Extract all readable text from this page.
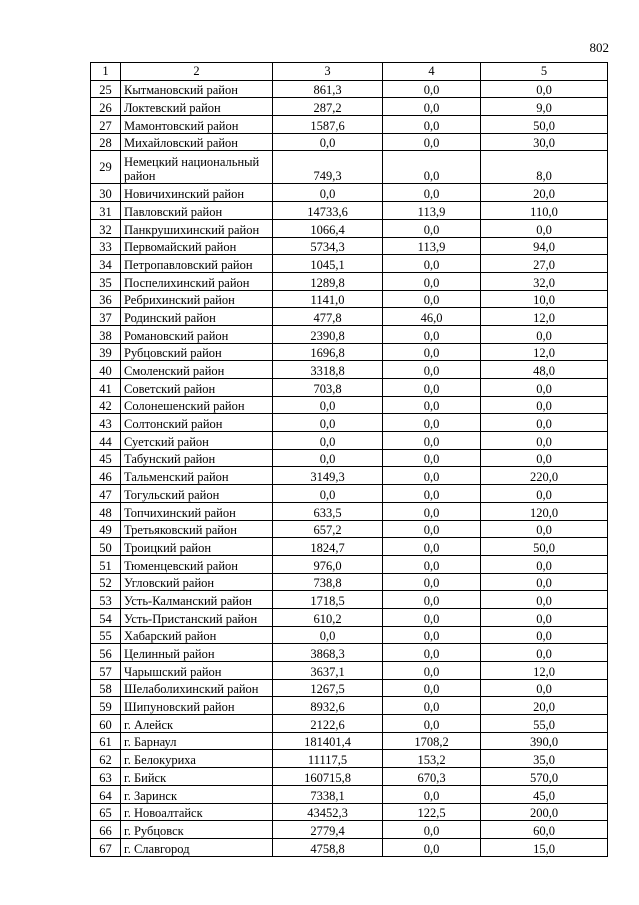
802
1	2	3	4	5
25	Кытмановский район	861,3	0,0	0,0
26	Локтевский район	287,2	0,0	9,0
27	Мамонтовский район	1587,6	0,0	50,0
28	Михайловский район	0,0	0,0	30,0
29	Немецкий национальный район	749,3	0,0	8,0
30	Новичихинский район	0,0	0,0	20,0
31	Павловский район	14733,6	113,9	110,0
32	Панкрушихинский район	1066,4	0,0	0,0
33	Первомайский район	5734,3	113,9	94,0
34	Петропавловский район	1045,1	0,0	27,0
35	Поспелихинский район	1289,8	0,0	32,0
36	Ребрихинский район	1141,0	0,0	10,0
37	Родинский район	477,8	46,0	12,0
38	Романовский район	2390,8	0,0	0,0
39	Рубцовский район	1696,8	0,0	12,0
40	Смоленский район	3318,8	0,0	48,0
41	Советский район	703,8	0,0	0,0
42	Солонешенский район	0,0	0,0	0,0
43	Солтонский район	0,0	0,0	0,0
44	Суетский район	0,0	0,0	0,0
45	Табунский район	0,0	0,0	0,0
46	Тальменский район	3149,3	0,0	220,0
47	Тогульский район	0,0	0,0	0,0
48	Топчихинский район	633,5	0,0	120,0
49	Третьяковский район	657,2	0,0	0,0
50	Троицкий район	1824,7	0,0	50,0
51	Тюменцевский район	976,0	0,0	0,0
52	Угловский район	738,8	0,0	0,0
53	Усть-Калманский район	1718,5	0,0	0,0
54	Усть-Пристанский район	610,2	0,0	0,0
55	Хабарский район	0,0	0,0	0,0
56	Целинный район	3868,3	0,0	0,0
57	Чарышский район	3637,1	0,0	12,0
58	Шелаболихинский район	1267,5	0,0	0,0
59	Шипуновский район	8932,6	0,0	20,0
60	г. Алейск	2122,6	0,0	55,0
61	г. Барнаул	181401,4	1708,2	390,0
62	г. Белокуриха	11117,5	153,2	35,0
63	г. Бийск	160715,8	670,3	570,0
64	г. Заринск	7338,1	0,0	45,0
65	г. Новоалтайск	43452,3	122,5	200,0
66	г. Рубцовск	2779,4	0,0	60,0
67	г. Славгород	4758,8	0,0	15,0
